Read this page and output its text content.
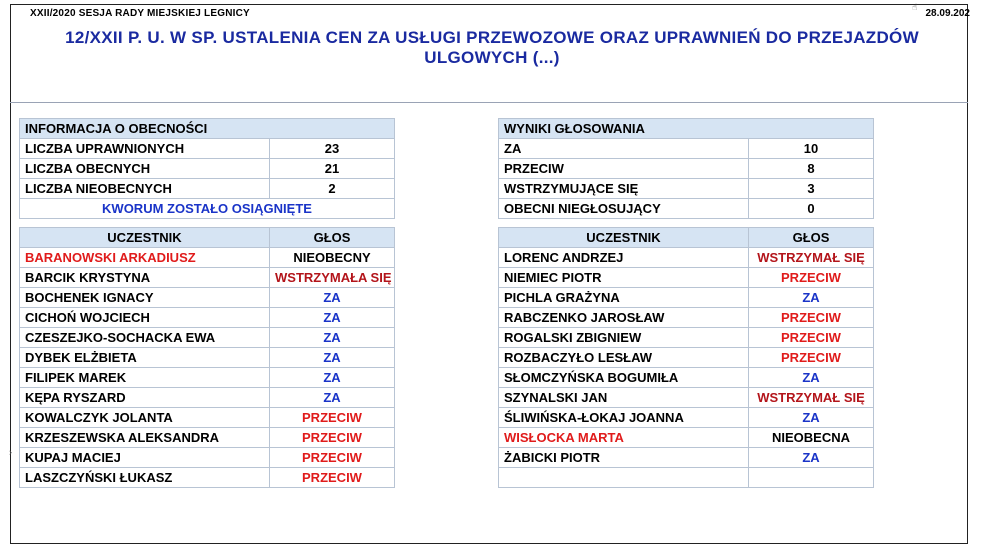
XXII/2020 SESJA RADY MIEJSKIEJ LEGNICY	28.09.202
☝
12/XXII P. U. W SP. USTALENIA CEN ZA USŁUGI PRZEWOZOWE ORAZ UPRAWNIEŃ DO PRZEJAZDÓW
ULGOWYCH (...)
INFORMACJA O OBECNOŚCI	
LICZBA UPRAWNIONYCH	23
LICZBA OBECNYCH	21
LICZBA NIEOBECNYCH	2
KWORUM ZOSTAŁO OSIĄGNIĘTE	
WYNIKI GŁOSOWANIA	
ZA	10
PRZECIW	8
WSTRZYMUJĄCE SIĘ	3
OBECNI NIEGŁOSUJĄCY	0
UCZESTNIK	GŁOS
BARANOWSKI ARKADIUSZ	NIEOBECNY
BARCIK KRYSTYNA	WSTRZYMAŁA SIĘ
BOCHENEK IGNACY	ZA
CICHOŃ WOJCIECH	ZA
CZESZEJKO-SOCHACKA EWA	ZA
DYBEK ELŻBIETA	ZA
FILIPEK MAREK	ZA
KĘPA RYSZARD	ZA
KOWALCZYK JOLANTA	PRZECIW
KRZESZEWSKA ALEKSANDRA	PRZECIW
KUPAJ MACIEJ	PRZECIW
LASZCZYŃSKI ŁUKASZ	PRZECIW
UCZESTNIK	GŁOS
LORENC ANDRZEJ	WSTRZYMAŁ SIĘ
NIEMIEC PIOTR	PRZECIW
PICHLA GRAŻYNA	ZA
RABCZENKO JAROSŁAW	PRZECIW
ROGALSKI ZBIGNIEW	PRZECIW
ROZBACZYŁO LESŁAW	PRZECIW
SŁOMCZYŃSKA BOGUMIŁA	ZA
SZYNALSKI JAN	WSTRZYMAŁ SIĘ
ŚLIWIŃSKA-ŁOKAJ JOANNA	ZA
WISŁOCKA MARTA	NIEOBECNA
ŻABICKI PIOTR	ZA

›
